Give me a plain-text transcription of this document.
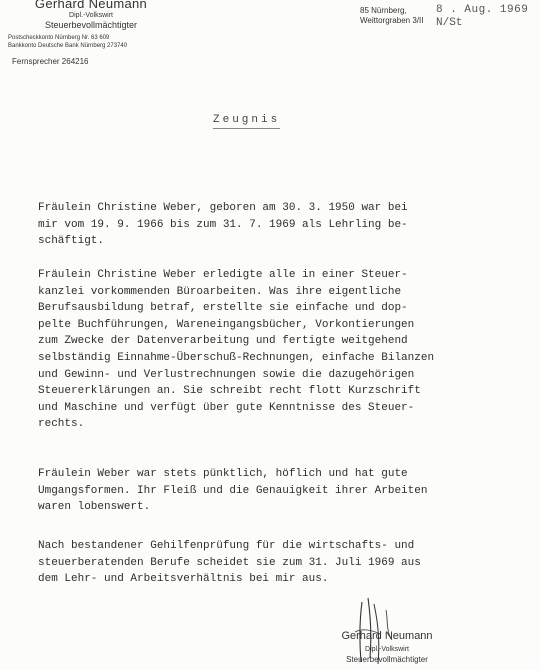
Gerhard Neumann
Dipl.-Volkswirt
Steuerbevollmächtigter
Postscheckkonto Nürnberg Nr. 63 609
Bankkonto Deutsche Bank Nürnberg 273740
Fernsprecher 264216
85 Nürnberg,
Weittorgraben 3/II
8 . Aug. 1969
N/St
Zeugnis
Fräulein Christine Weber, geboren am 30. 3. 1950 war bei
mir vom 19. 9. 1966 bis zum 31. 7. 1969 als Lehrling be-
schäftigt.
Fräulein Christine Weber erledigte alle in einer Steuer-
kanzlei vorkommenden Büroarbeiten. Was ihre eigentliche
Berufsausbildung betraf, erstellte sie einfache und dop-
pelte Buchführungen, Wareneingangsbücher, Vorkontierungen
zum Zwecke der Datenverarbeitung und fertigte weitgehend
selbständig Einnahme-Überschuß-Rechnungen, einfache Bilanzen
und Gewinn- und Verlustrechnungen sowie die dazugehörigen
Steuererklärungen an. Sie schreibt recht flott Kurzschrift
und Maschine und verfügt über gute Kenntnisse des Steuer-
rechts.
Fräulein Weber war stets pünktlich, höflich und hat gute
Umgangsformen. Ihr Fleiß und die Genauigkeit ihrer Arbeiten
waren lobenswert.
Nach bestandener Gehilfenprüfung für die wirtschafts- und
steuerberatenden Berufe scheidet sie zum 31. Juli 1969 aus
dem Lehr- und Arbeitsverhältnis bei mir aus.
Gerhard Neumann
Dipl.-Volkswirt
Steuerbevollmächtigter
